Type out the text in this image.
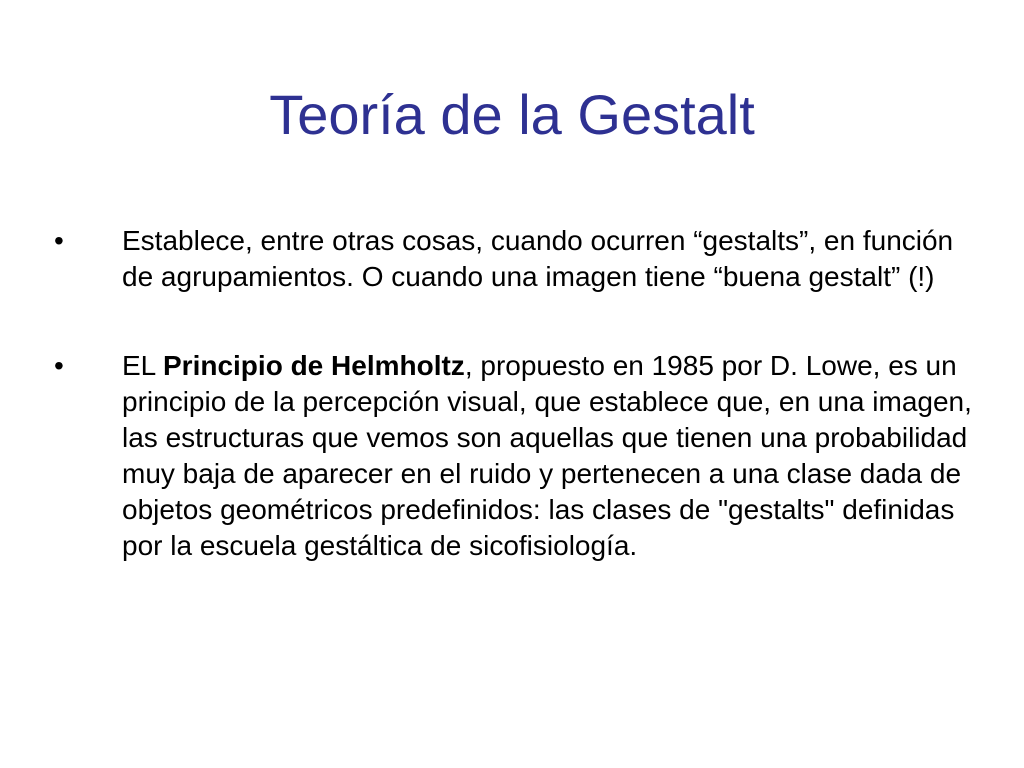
Teoría de la Gestalt
•	Establece, entre otras cosas, cuando ocurren “gestalts”, en función de agrupamientos. O cuando una imagen tiene “buena gestalt” (!)
•	EL Principio de Helmholtz, propuesto en 1985 por D. Lowe, es un principio de la percepción visual, que establece que, en una imagen, las estructuras que vemos son aquellas que tienen una probabilidad muy baja de aparecer en el ruido y pertenecen a una clase dada de objetos geométricos predefinidos: las clases de "gestalts" definidas por la escuela gestáltica de sicofisiología.
